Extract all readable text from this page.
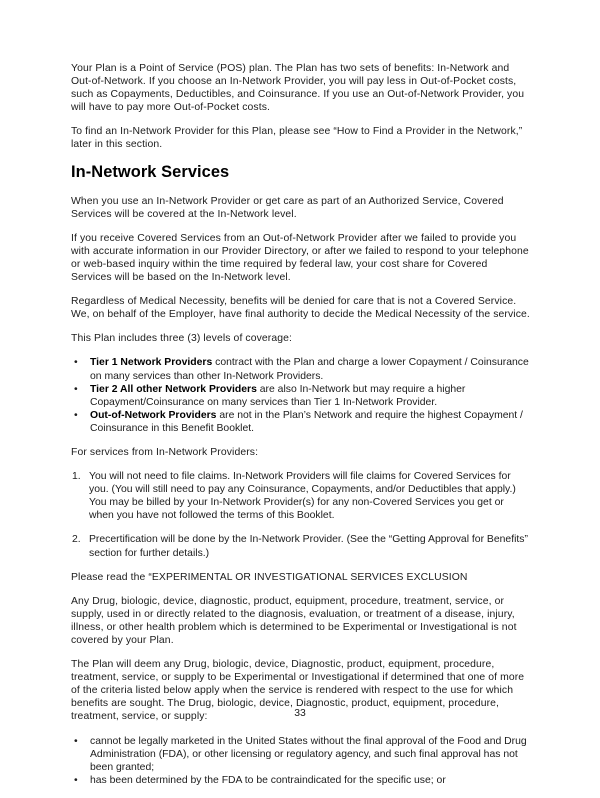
Your Plan is a Point of Service (POS) plan. The Plan has two sets of benefits: In-Network and Out-of-Network. If you choose an In-Network Provider, you will pay less in Out-of-Pocket costs, such as Copayments, Deductibles, and Coinsurance. If you use an Out-of-Network Provider, you will have to pay more Out-of-Pocket costs.

To find an In-Network Provider for this Plan, please see “How to Find a Provider in the Network,” later in this section.

In-Network Services

When you use an In-Network Provider or get care as part of an Authorized Service, Covered Services will be covered at the In-Network level.

If you receive Covered Services from an Out-of-Network Provider after we failed to provide you with accurate information in our Provider Directory, or after we failed to respond to your telephone or web-based inquiry within the time required by federal law, your cost share for Covered Services will be based on the In-Network level.

Regardless of Medical Necessity, benefits will be denied for care that is not a Covered Service. We, on behalf of the Employer, have final authority to decide the Medical Necessity of the service.

This Plan includes three (3) levels of coverage:

• Tier 1 Network Providers contract with the Plan and charge a lower Copayment / Coinsurance on many services than other In-Network Providers.
• Tier 2 All other Network Providers are also In-Network but may require a higher Copayment/Coinsurance on many services than Tier 1 In-Network Provider.
• Out-of-Network Providers are not in the Plan’s Network and require the highest Copayment / Coinsurance in this Benefit Booklet.

For services from In-Network Providers:

1. You will not need to file claims. In-Network Providers will file claims for Covered Services for you. (You will still need to pay any Coinsurance, Copayments, and/or Deductibles that apply.) You may be billed by your In-Network Provider(s) for any non-Covered Services you get or when you have not followed the terms of this Booklet.
2. Precertification will be done by the In-Network Provider. (See the “Getting Approval for Benefits” section for further details.)

Please read the “EXPERIMENTAL OR INVESTIGATIONAL SERVICES EXCLUSION

Any Drug, biologic, device, diagnostic, product, equipment, procedure, treatment, service, or supply, used in or directly related to the diagnosis, evaluation, or treatment of a disease, injury, illness, or other health problem which is determined to be Experimental or Investigational is not covered by your Plan.

The Plan will deem any Drug, biologic, device, Diagnostic, product, equipment, procedure, treatment, service, or supply to be Experimental or Investigational if determined that one of more of the criteria listed below apply when the service is rendered with respect to the use for which benefits are sought. The Drug, biologic, device, Diagnostic, product, equipment, procedure, treatment, service, or supply:

• cannot be legally marketed in the United States without the final approval of the Food and Drug Administration (FDA), or other licensing or regulatory agency, and such final approval has not been granted;
• has been determined by the FDA to be contraindicated for the specific use; or
33
